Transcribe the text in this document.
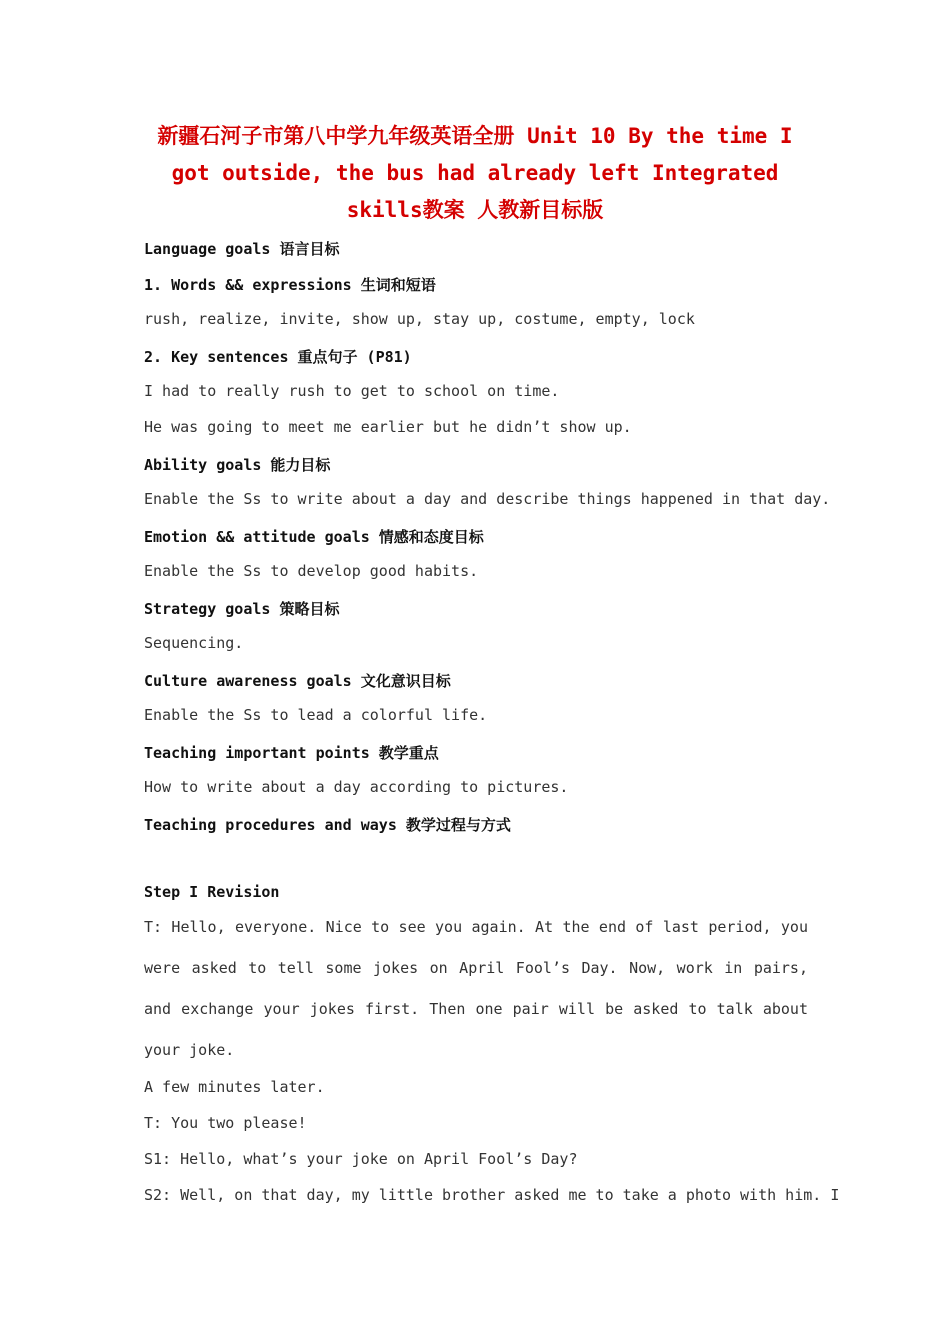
新疆石河子市第八中学九年级英语全册 Unit 10 By the time I got outside, the bus had already left Integrated skills教案 人教新目标版
Language goals 语言目标
1. Words && expressions 生词和短语
rush, realize, invite, show up, stay up, costume, empty, lock
2. Key sentences 重点句子 (P81)
I had to really rush to get to school on time.
He was going to meet me earlier but he didn’t show up.
Ability goals 能力目标
Enable the Ss to write about a day and describe things happened in that day.
Emotion && attitude goals 情感和态度目标
Enable the Ss to develop good habits.
Strategy goals 策略目标
Sequencing.
Culture awareness goals 文化意识目标
Enable the Ss to lead a colorful life.
Teaching important points 教学重点
How to write about a day according to pictures.
Teaching procedures and ways 教学过程与方式
Step I Revision
T: Hello, everyone. Nice to see you again. At the end of last period, you were asked to tell some jokes on April Fool’s Day. Now, work in pairs, and exchange your jokes first. Then one pair will be asked to talk about your joke.
A few minutes later.
T: You two please!
S1: Hello, what’s your joke on April Fool’s Day?
S2: Well, on that day, my little brother asked me to take a photo with him. I
